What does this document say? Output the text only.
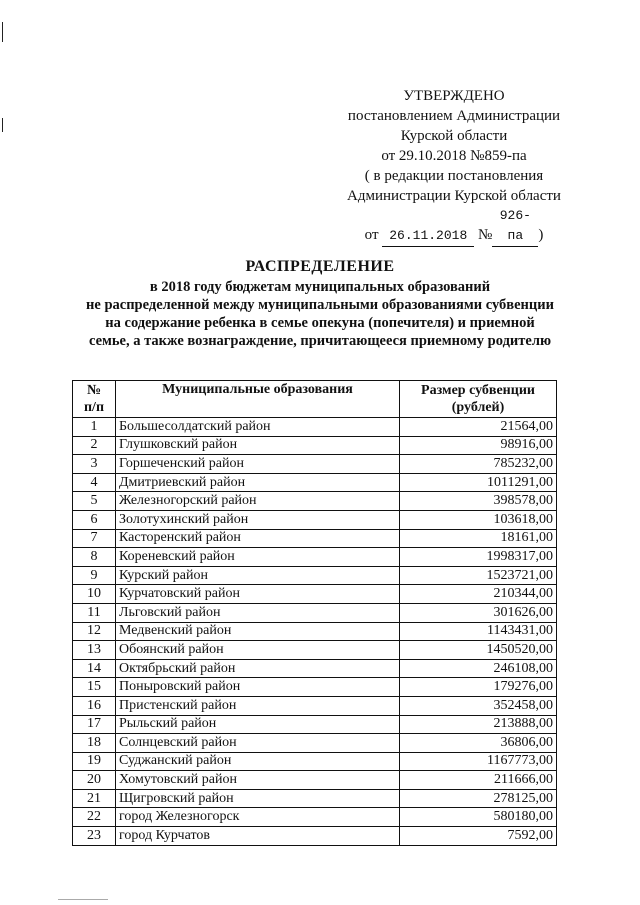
УТВЕРЖДЕНО
постановлением Администрации
Курской области
от 29.10.2018 №859-па
( в редакции постановления
Администрации Курской области
от 26.11.2018 №926-па )
РАСПРЕДЕЛЕНИЕ
в 2018 году бюджетам муниципальных образований
не распределенной между муниципальными образованиями субвенции
на содержание ребенка в семье опекуна (попечителя) и приемной
семье, а также вознаграждение, причитающееся приемному родителю
№
п/п	Муниципальные образования	Размер субвенции
(рублей)
1	Большесолдатский район	21564,00
2	Глушковский район	98916,00
3	Горшеченский район	785232,00
4	Дмитриевский район	1011291,00
5	Железногорский район	398578,00
6	Золотухинский район	103618,00
7	Касторенский район	18161,00
8	Кореневский район	1998317,00
9	Курский район	1523721,00
10	Курчатовский район	210344,00
11	Льговский район	301626,00
12	Медвенский район	1143431,00
13	Обоянский район	1450520,00
14	Октябрьский район	246108,00
15	Поныровский район	179276,00
16	Пристенский район	352458,00
17	Рыльский район	213888,00
18	Солнцевский район	36806,00
19	Суджанский район	1167773,00
20	Хомутовский район	211666,00
21	Щигровский район	278125,00
22	город Железногорск	580180,00
23	город Курчатов	7592,00
